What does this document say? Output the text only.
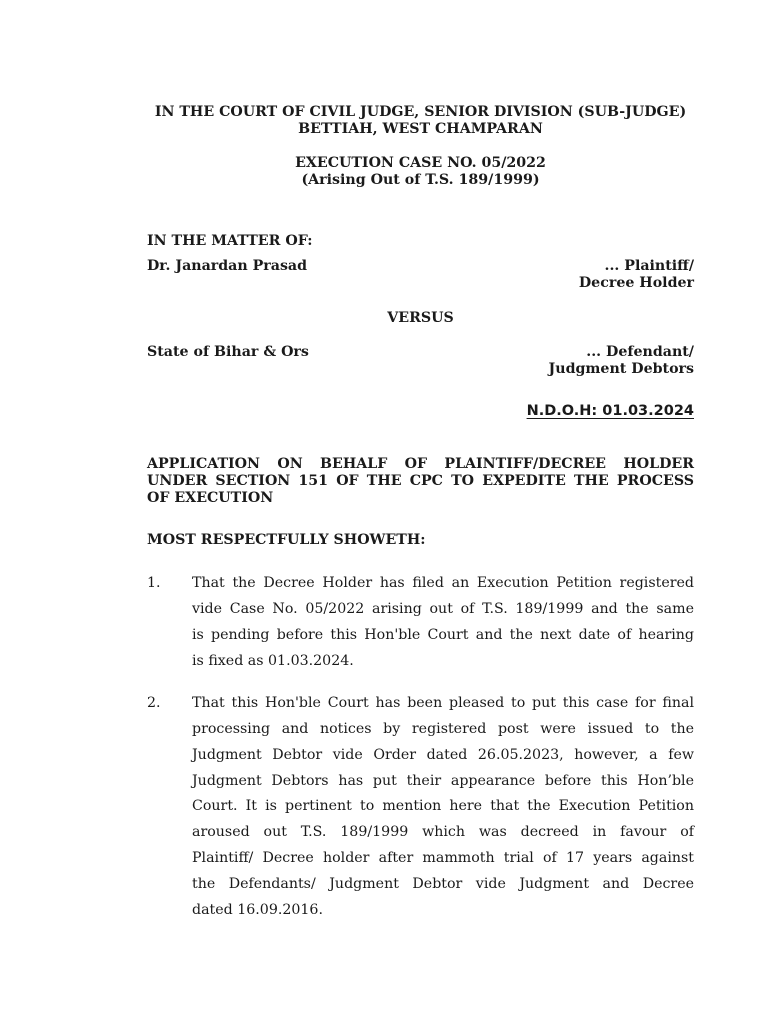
IN THE COURT OF CIVIL JUDGE, SENIOR DIVISION (SUB-JUDGE)
BETTIAH, WEST CHAMPARAN
EXECUTION CASE NO. 05/2022
(Arising Out of T.S. 189/1999)
IN THE MATTER OF:
Dr. Janardan Prasad	... Plaintiff/
Decree Holder
VERSUS
State of Bihar & Ors	... Defendant/
Judgment Debtors
N.D.O.H: 01.03.2024
APPLICATION ON BEHALF OF PLAINTIFF/DECREE HOLDER
UNDER SECTION 151 OF THE CPC TO EXPEDITE THE PROCESS
OF EXECUTION
MOST RESPECTFULLY SHOWETH:
1. That the Decree Holder has filed an Execution Petition registered
vide Case No. 05/2022 arising out of T.S. 189/1999 and the same
is pending before this Hon'ble Court and the next date of hearing
is fixed as 01.03.2024.
2. That this Hon'ble Court has been pleased to put this case for final
processing and notices by registered post were issued to the
Judgment Debtor vide Order dated 26.05.2023, however, a few
Judgment Debtors has put their appearance before this Hon’ble
Court. It is pertinent to mention here that the Execution Petition
aroused out T.S. 189/1999 which was decreed in favour of
Plaintiff/ Decree holder after mammoth trial of 17 years against
the Defendants/ Judgment Debtor vide Judgment and Decree
dated 16.09.2016.
